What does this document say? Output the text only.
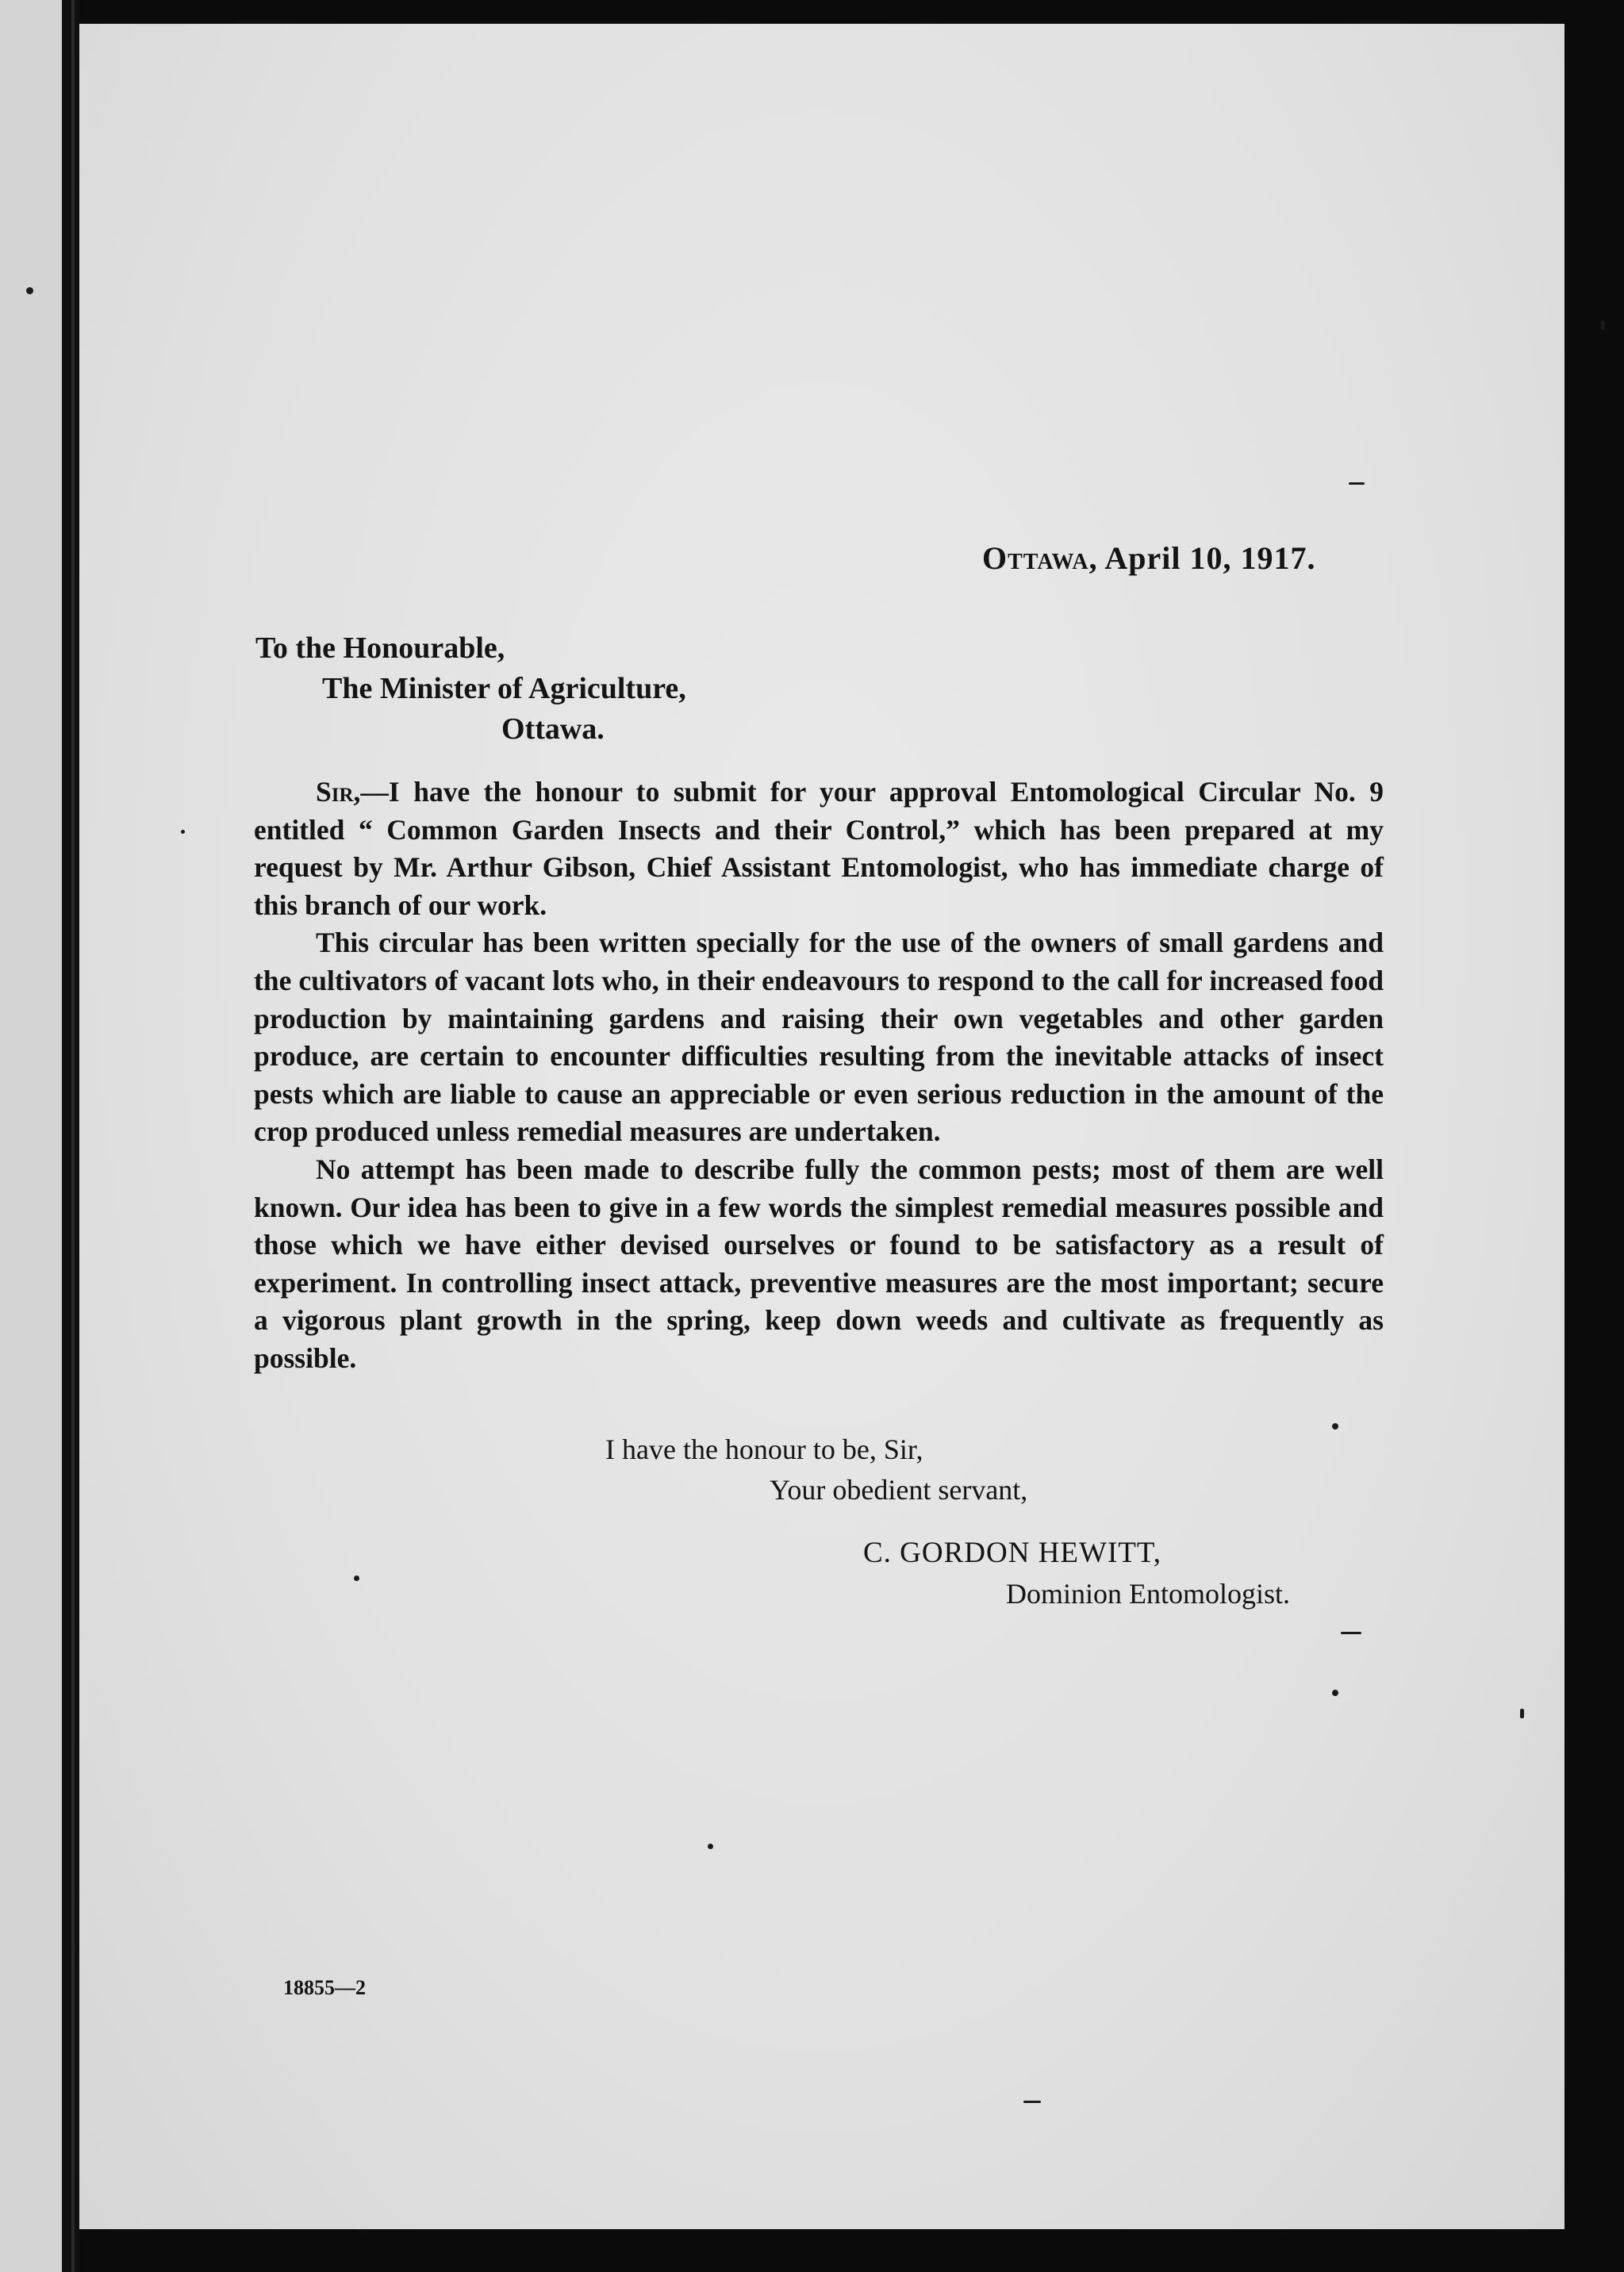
Ottawa, April 10, 1917.

To the Honourable,

The Minister of Agriculture,

Ottawa.

Sir,—I have the honour to submit for your approval Entomological Circular No. 9 entitled “ Common Garden Insects and their Control,” which has been prepared at my request by Mr. Arthur Gibson, Chief Assistant Entomologist, who has immediate charge of this branch of our work.

This circular has been written specially for the use of the owners of small gardens and the cultivators of vacant lots who, in their endeavours to respond to the call for increased food production by maintaining gardens and raising their own vegetables and other garden produce, are certain to encounter difficulties resulting from the inevitable attacks of insect pests which are liable to cause an appreciable or even serious reduction in the amount of the crop produced unless remedial measures are undertaken.

No attempt has been made to describe fully the common pests; most of them are well known. Our idea has been to give in a few words the simplest remedial measures possible and those which we have either devised ourselves or found to be satisfactory as a result of experiment. In controlling insect attack, preventive measures are the most important; secure a vigorous plant growth in the spring, keep down weeds and cultivate as frequently as possible.

I have the honour to be, Sir,

Your obedient servant,

C. GORDON HEWITT,

Dominion Entomologist.

18855—2
